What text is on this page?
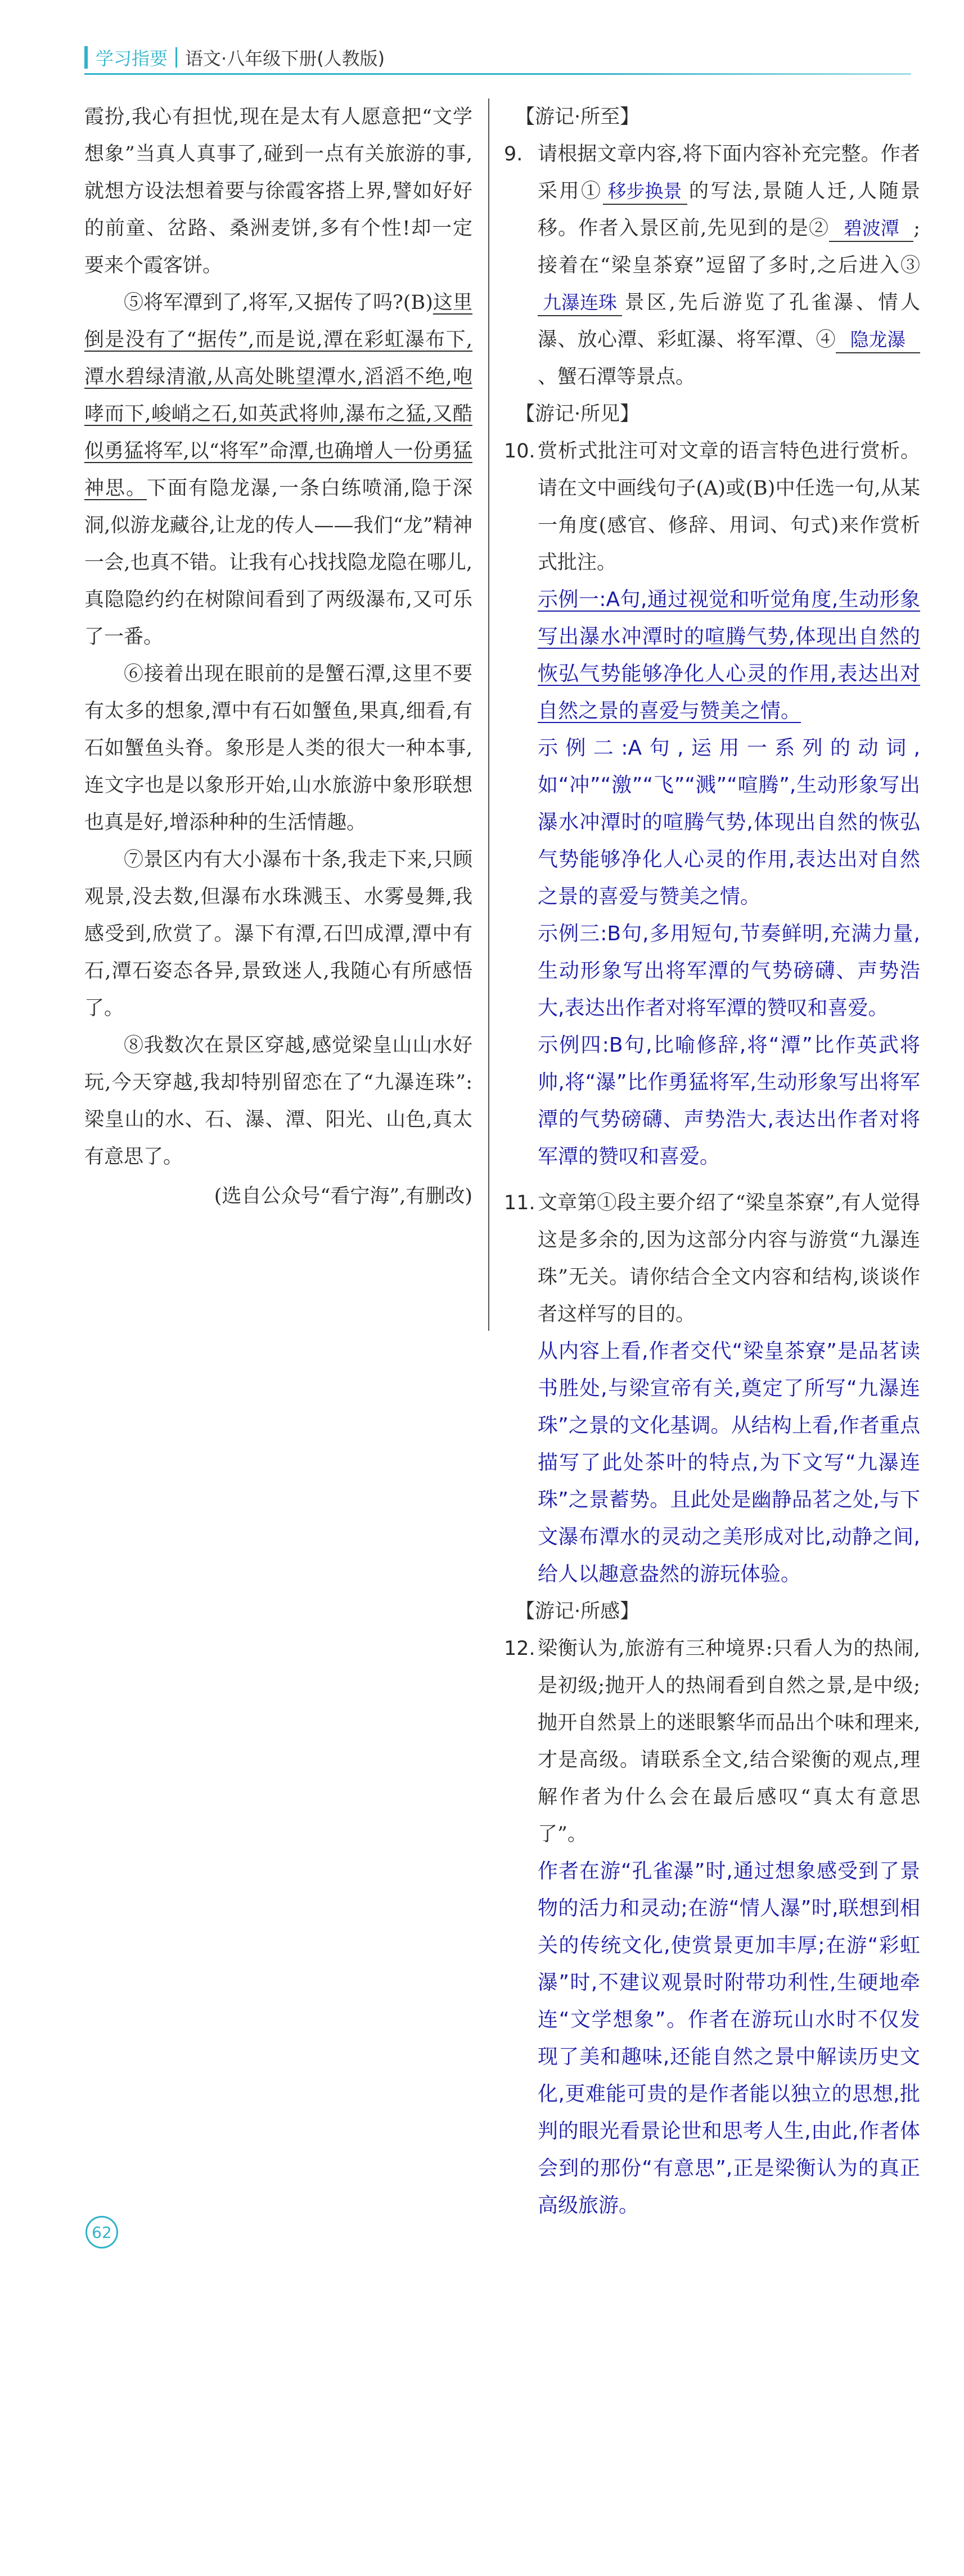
学习指要 语文·八年级下册(人教版)

霞扮,我心有担忧,现在是太有人愿意把“文学想象”当真人真事了,碰到一点有关旅游的事,就想方设法想着要与徐霞客搭上界,譬如好好的前童、岔路、桑洲麦饼,多有个性!却一定要来个霞客饼。

⑤将军潭到了,将军,又据传了吗?(B)这里倒是没有了“据传”,而是说,潭在彩虹瀑布下,潭水碧绿清澈,从高处眺望潭水,滔滔不绝,咆哮而下,峻峭之石,如英武将帅,瀑布之猛,又酷似勇猛将军,以“将军”命潭,也确增人一份勇猛神思。下面有隐龙瀑,一条白练喷涌,隐于深洞,似游龙藏谷,让龙的传人——我们“龙”精神一会,也真不错。让我有心找找隐龙隐在哪儿,真隐隐约约在树隙间看到了两级瀑布,又可乐了一番。

⑥接着出现在眼前的是蟹石潭,这里不要有太多的想象,潭中有石如蟹鱼,果真,细看,有石如蟹鱼头脊。象形是人类的很大一种本事,连文字也是以象形开始,山水旅游中象形联想也真是好,增添种种的生活情趣。

⑦景区内有大小瀑布十条,我走下来,只顾观景,没去数,但瀑布水珠溅玉、水雾曼舞,我感受到,欣赏了。瀑下有潭,石凹成潭,潭中有石,潭石姿态各异,景致迷人,我随心有所感悟了。

⑧我数次在景区穿越,感觉梁皇山山水好玩,今天穿越,我却特别留恋在了“九瀑连珠”:梁皇山的水、石、瀑、潭、阳光、山色,真太有意思了。

(选自公众号“看宁海”,有删改)

【游记·所至】

9. 请根据文章内容,将下面内容补充完整。作者采用① 移步换景 的写法,景随人迁,人随景移。作者入景区前,先见到的是② 碧波潭 ;接着在“梁皇茶寮”逗留了多时,之后进入③九瀑连珠 景区,先后游览了孔雀瀑、情人瀑、放心潭、彩虹瀑、将军潭、④ 隐龙瀑、蟹石潭等景点。

【游记·所见】

10. 赏析式批注可对文章的语言特色进行赏析。请在文中画线句子(A)或(B)中任选一句,从某一角度(感官、修辞、用词、句式)来作赏析式批注。

示例一:A句,通过视觉和听觉角度,生动形象写出瀑水冲潭时的喧腾气势,体现出自然的恢弘气势能够净化人心灵的作用,表达出对自然之景的喜爱与赞美之情。
示例二:A句,运用一系列的动词,如“冲”“激”“飞”“溅”“喧腾”,生动形象写出瀑水冲潭时的喧腾气势,体现出自然的恢弘气势能够净化人心灵的作用,表达出对自然之景的喜爱与赞美之情。
示例三:B句,多用短句,节奏鲜明,充满力量,生动形象写出将军潭的气势磅礴、声势浩大,表达出作者对将军潭的赞叹和喜爱。
示例四:B句,比喻修辞,将“潭”比作英武将帅,将“瀑”比作勇猛将军,生动形象写出将军潭的气势磅礴、声势浩大,表达出作者对将军潭的赞叹和喜爱。

11. 文章第①段主要介绍了“梁皇茶寮”,有人觉得这是多余的,因为这部分内容与游赏“九瀑连珠”无关。请你结合全文内容和结构,谈谈作者这样写的目的。

从内容上看,作者交代“梁皇茶寮”是品茗读书胜处,与梁宣帝有关,奠定了所写“九瀑连珠”之景的文化基调。从结构上看,作者重点描写了此处茶叶的特点,为下文写“九瀑连珠”之景蓄势。且此处是幽静品茗之处,与下文瀑布潭水的灵动之美形成对比,动静之间,给人以趣意盎然的游玩体验。

【游记·所感】

12. 梁衡认为,旅游有三种境界:只看人为的热闹,是初级;抛开人的热闹看到自然之景,是中级;抛开自然景上的迷眼繁华而品出个味和理来,才是高级。请联系全文,结合梁衡的观点,理解作者为什么会在最后感叹“真太有意思了”。

作者在游“孔雀瀑”时,通过想象感受到了景物的活力和灵动;在游“情人瀑”时,联想到相关的传统文化,使赏景更加丰厚;在游“彩虹瀑”时,不建议观景时附带功利性,生硬地牵连“文学想象”。作者在游玩山水时不仅发现了美和趣味,还能自然之景中解读历史文化,更难能可贵的是作者能以独立的思想,批判的眼光看景论世和思考人生,由此,作者体会到的那份“有意思”,正是梁衡认为的真正高级旅游。

62
